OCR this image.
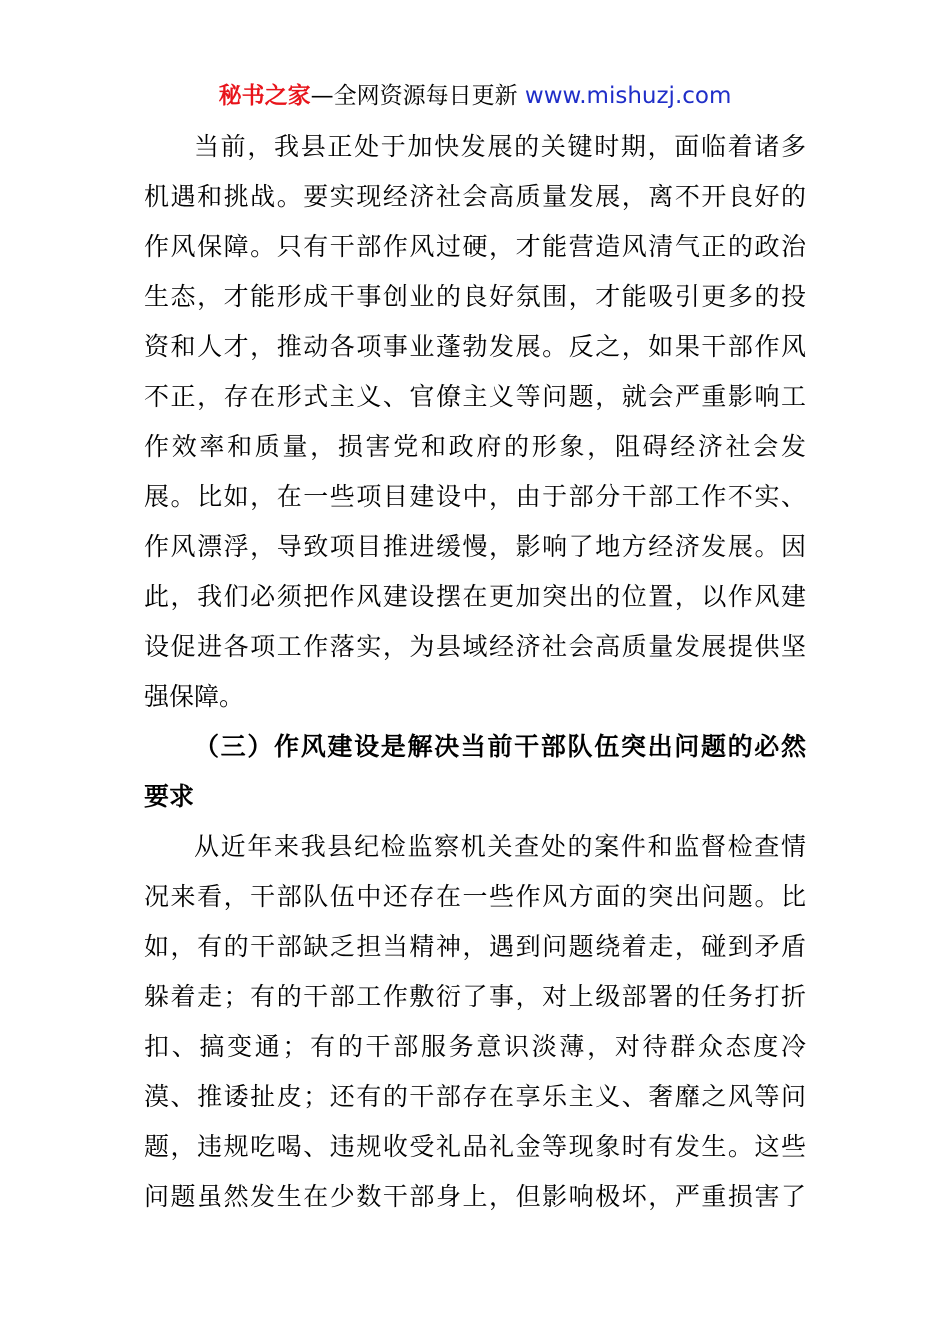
秘书之家—全网资源每日更新 www.mishuzj.com
当前，我县正处于加快发展的关键时期，面临着诸多
机遇和挑战。要实现经济社会高质量发展，离不开良好的
作风保障。只有干部作风过硬，才能营造风清气正的政治
生态，才能形成干事创业的良好氛围，才能吸引更多的投
资和人才，推动各项事业蓬勃发展。反之，如果干部作风
不正，存在形式主义、官僚主义等问题，就会严重影响工
作效率和质量，损害党和政府的形象，阻碍经济社会发
展。比如，在一些项目建设中，由于部分干部工作不实、
作风漂浮，导致项目推进缓慢，影响了地方经济发展。因
此，我们必须把作风建设摆在更加突出的位置，以作风建
设促进各项工作落实，为县域经济社会高质量发展提供坚
强保障。
（三）作风建设是解决当前干部队伍突出问题的必然
要求
从近年来我县纪检监察机关查处的案件和监督检查情
况来看，干部队伍中还存在一些作风方面的突出问题。比
如，有的干部缺乏担当精神，遇到问题绕着走，碰到矛盾
躲着走；有的干部工作敷衍了事，对上级部署的任务打折
扣、搞变通；有的干部服务意识淡薄，对待群众态度冷
漠、推诿扯皮；还有的干部存在享乐主义、奢靡之风等问
题，违规吃喝、违规收受礼品礼金等现象时有发生。这些
问题虽然发生在少数干部身上，但影响极坏，严重损害了
